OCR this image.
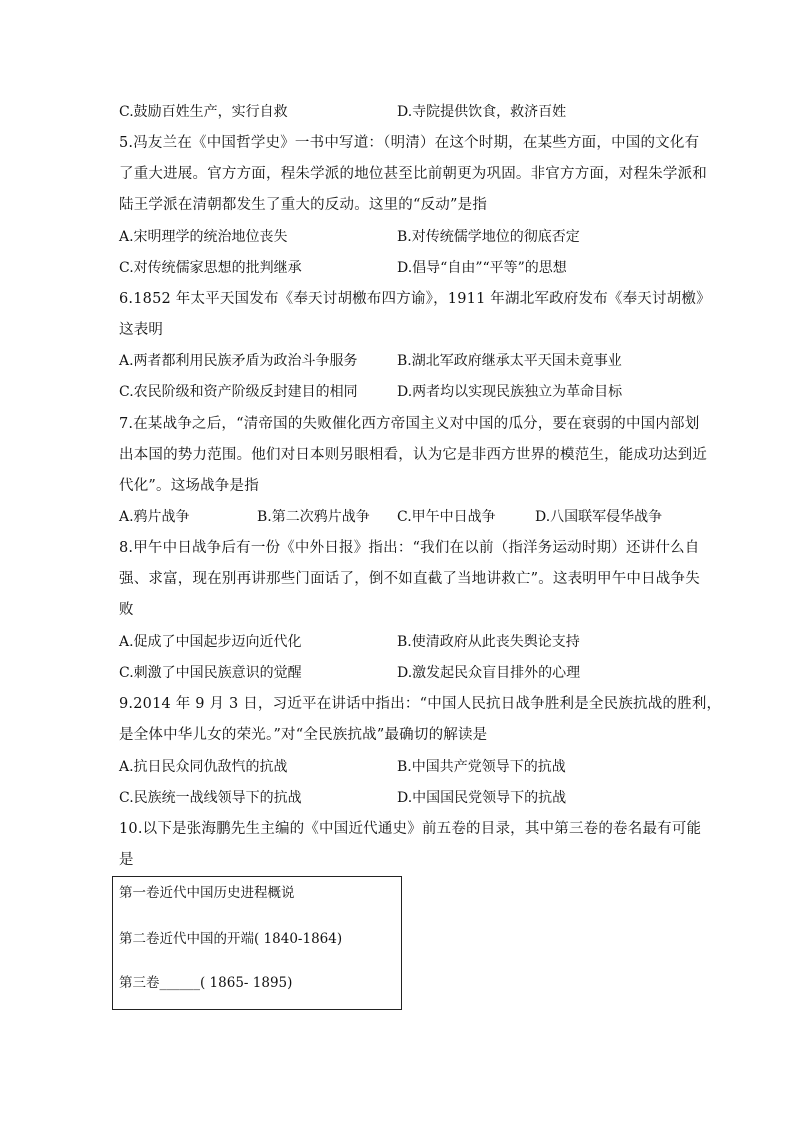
C.鼓励百姓生产，实行自救	D.寺院提供饮食，救济百姓
5.冯友兰在《中国哲学史》一书中写道：（明清）在这个时期，在某些方面，中国的文化有
了重大进展。官方方面，程朱学派的地位甚至比前朝更为巩固。非官方方面，对程朱学派和
陆王学派在清朝都发生了重大的反动。这里的“反动”是指
A.宋明理学的统治地位丧失	B.对传统儒学地位的彻底否定
C.对传统儒家思想的批判继承	D.倡导“自由”“平等”的思想
6.1852 年太平天国发布《奉天讨胡檄布四方谕》，1911 年湖北军政府发布《奉天讨胡檄》
这表明
A.两者都利用民族矛盾为政治斗争服务	B.湖北军政府继承太平天国未竟事业
C.农民阶级和资产阶级反封建目的相同	D.两者均以实现民族独立为革命目标
7.在某战争之后，“清帝国的失败催化西方帝国主义对中国的瓜分，要在衰弱的中国内部划
出本国的势力范围。他们对日本则另眼相看，认为它是非西方世界的模范生，能成功达到近
代化”。这场战争是指
A.鸦片战争	B.第二次鸦片战争 C.甲午中日战争	D.八国联军侵华战争
8.甲午中日战争后有一份《中外日报》指出：“我们在以前（指洋务运动时期）还讲什么自
强、求富，现在别再讲那些门面话了，倒不如直截了当地讲救亡”。这表明甲午中日战争失
败
A.促成了中国起步迈向近代化	B.使清政府从此丧失舆论支持
C.刺激了中国民族意识的觉醒	D.激发起民众盲目排外的心理
9.2014 年 9 月 3 日，习近平在讲话中指出：“中国人民抗日战争胜利是全民族抗战的胜利，
是全体中华儿女的荣光。”对“全民族抗战”最确切的解读是
A.抗日民众同仇敌忾的抗战	B.中国共产党领导下的抗战
C.民族统一战线领导下的抗战	D.中国国民党领导下的抗战
10.以下是张海鹏先生主编的《中国近代通史》前五卷的目录，其中第三卷的卷名最有可能
是
第一卷近代中国历史进程概说
第二卷近代中国的开端( 1840-1864)
第三卷______( 1865- 1895)
